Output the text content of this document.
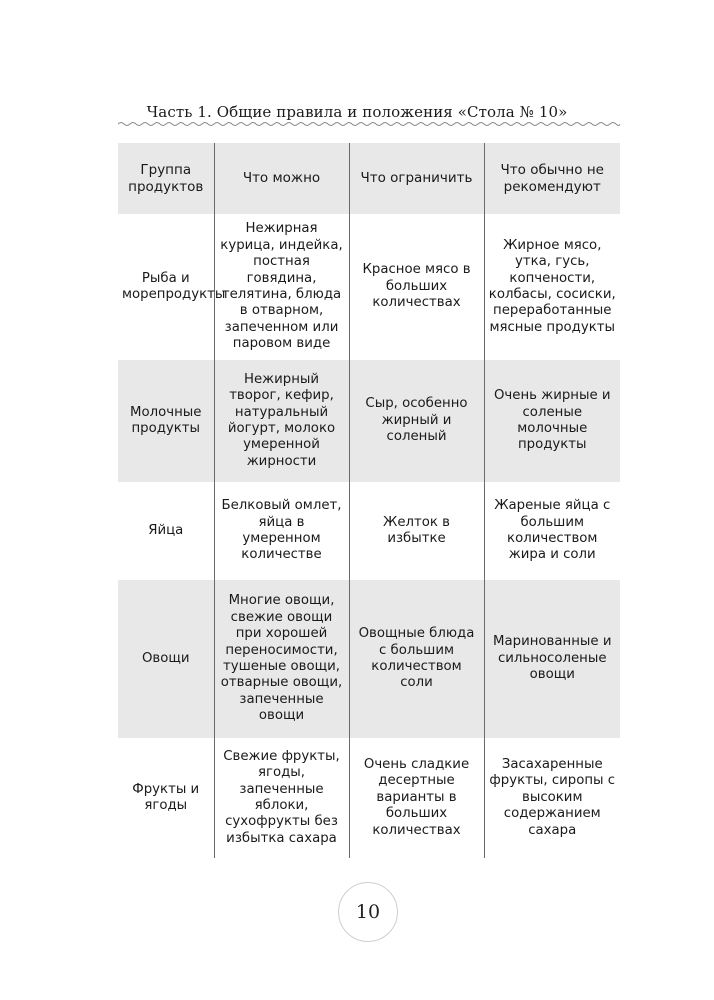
Часть 1. Общие правила и положения «Стола № 10»
Группа продуктов	Что можно	Что ограничить	Что обычно не рекомендуют
Рыба и морепродукты	Нежирная курица, индейка, постная говядина, телятина, блюда в отварном, запеченном или паровом виде	Красное мясо в больших количествах	Жирное мясо, утка, гусь, копчености, колбасы, сосиски, переработанные мясные продукты
Молочные продукты	Нежирный творог, кефир, натуральный йогурт, молоко умеренной жирности	Сыр, особенно жирный и соленый	Очень жирные и соленые молочные продукты
Яйца	Белковый омлет, яйца в умеренном количестве	Желток в избытке	Жареные яйца с большим количеством жира и соли
Овощи	Многие овощи, свежие овощи при хорошей переносимости, тушеные овощи, отварные овощи, запеченные овощи	Овощные блюда с большим количеством соли	Маринованные и сильносоленые овощи
Фрукты и ягоды	Свежие фрукты, ягоды, запеченные яблоки, сухофрукты без избытка сахара	Очень сладкие десертные варианты в больших количествах	Засахаренные фрукты, сиропы с высоким содержанием сахара
10
